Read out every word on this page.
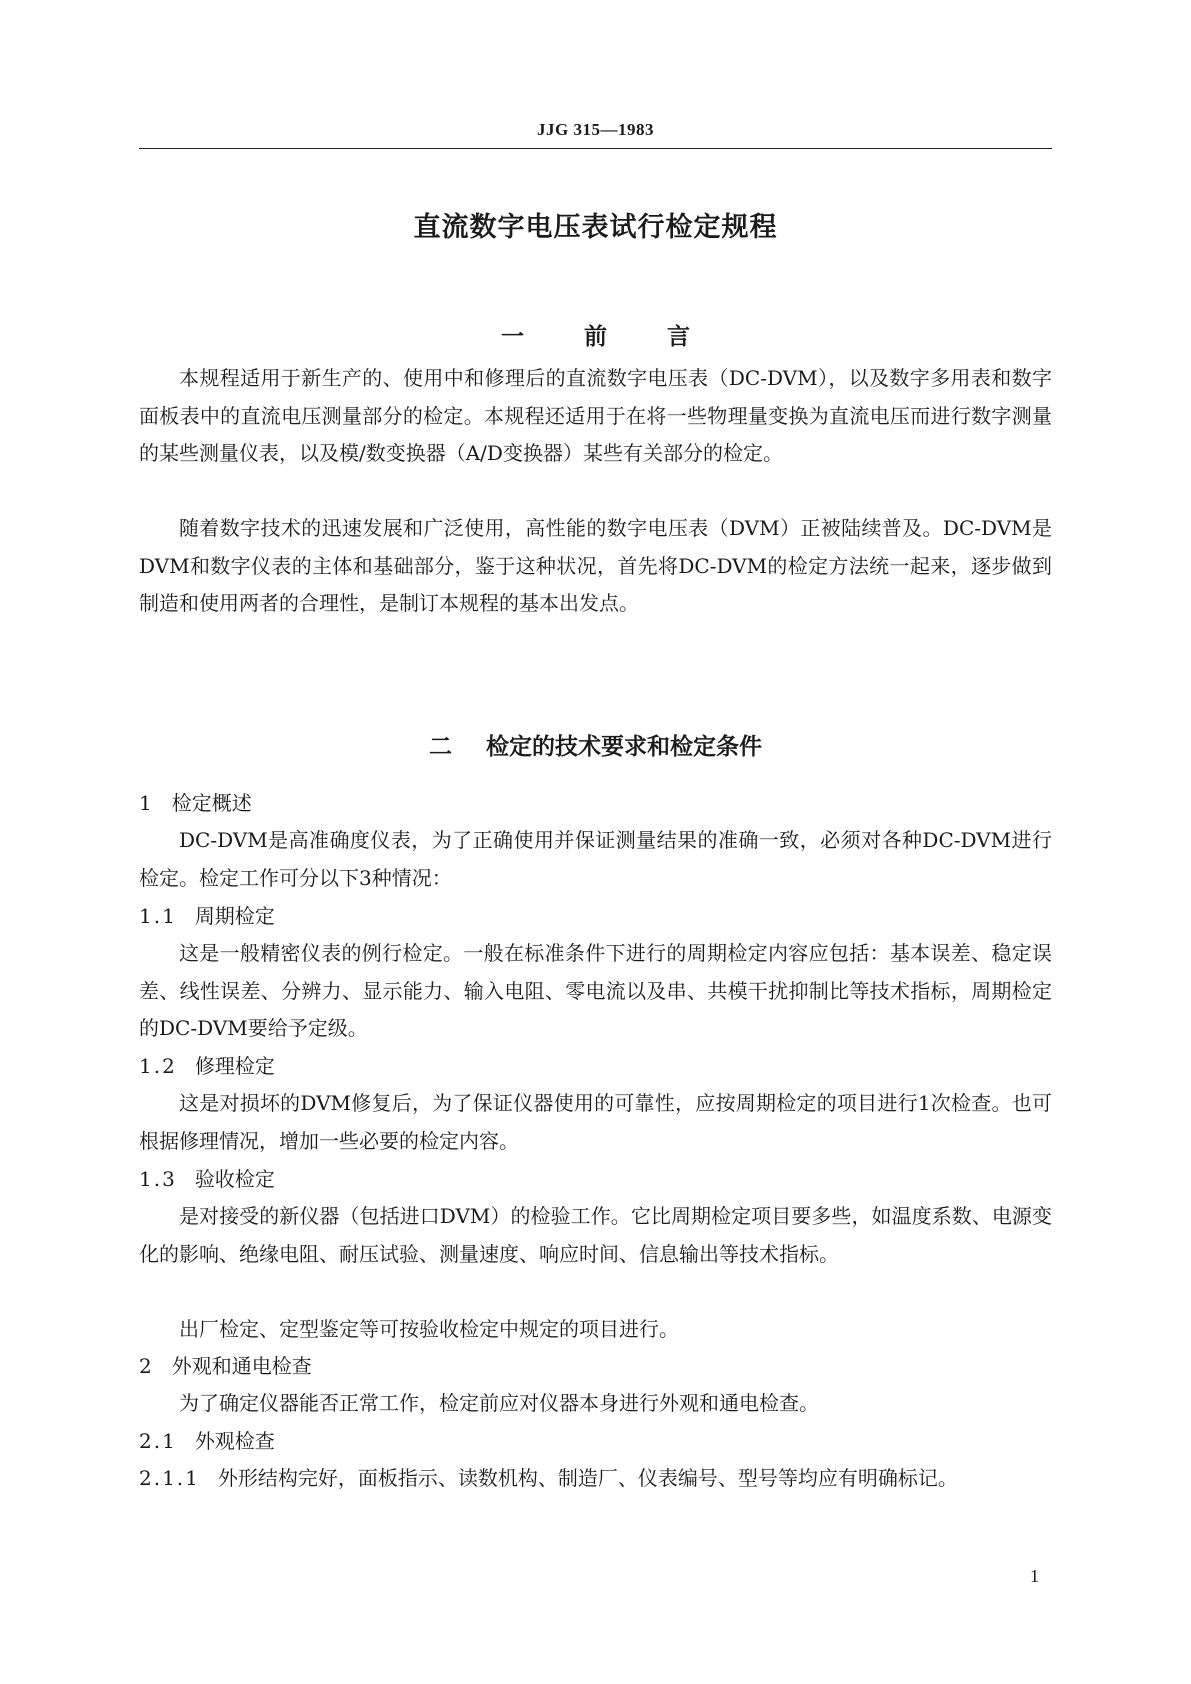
JJG 315—1983
直流数字电压表试行检定规程
一	前	言

本规程适用于新生产的、使用中和修理后的直流数字电压表（DC-DVM），以及数字多用表和数字面板表中的直流电压测量部分的检定。本规程还适用于在将一些物理量变换为直流电压而进行数字测量的某些测量仪表，以及模/数变换器（A/D变换器）某些有关部分的检定。

随着数字技术的迅速发展和广泛使用，高性能的数字电压表（DVM）正被陆续普及。DC-DVM是DVM和数字仪表的主体和基础部分，鉴于这种状况，首先将DC-DVM的检定方法统一起来，逐步做到制造和使用两者的合理性，是制订本规程的基本出发点。

二 检定的技术要求和检定条件

1 检定概述

DC-DVM是高准确度仪表，为了正确使用并保证测量结果的准确一致，必须对各种DC-DVM进行检定。检定工作可分以下3种情况：

1.1 周期检定

这是一般精密仪表的例行检定。一般在标准条件下进行的周期检定内容应包括：基本误差、稳定误差、线性误差、分辨力、显示能力、输入电阻、零电流以及串、共模干扰抑制比等技术指标，周期检定的DC-DVM要给予定级。

1.2 修理检定

这是对损坏的DVM修复后，为了保证仪器使用的可靠性，应按周期检定的项目进行1次检查。也可根据修理情况，增加一些必要的检定内容。

1.3 验收检定

是对接受的新仪器（包括进口DVM）的检验工作。它比周期检定项目要多些，如温度系数、电源变化的影响、绝缘电阻、耐压试验、测量速度、响应时间、信息输出等技术指标。

出厂检定、定型鉴定等可按验收检定中规定的项目进行。

2 外观和通电检查

为了确定仪器能否正常工作，检定前应对仪器本身进行外观和通电检查。

2.1 外观检查

2.1.1 外形结构完好，面板指示、读数机构、制造厂、仪表编号、型号等均应有明确标记。

1
